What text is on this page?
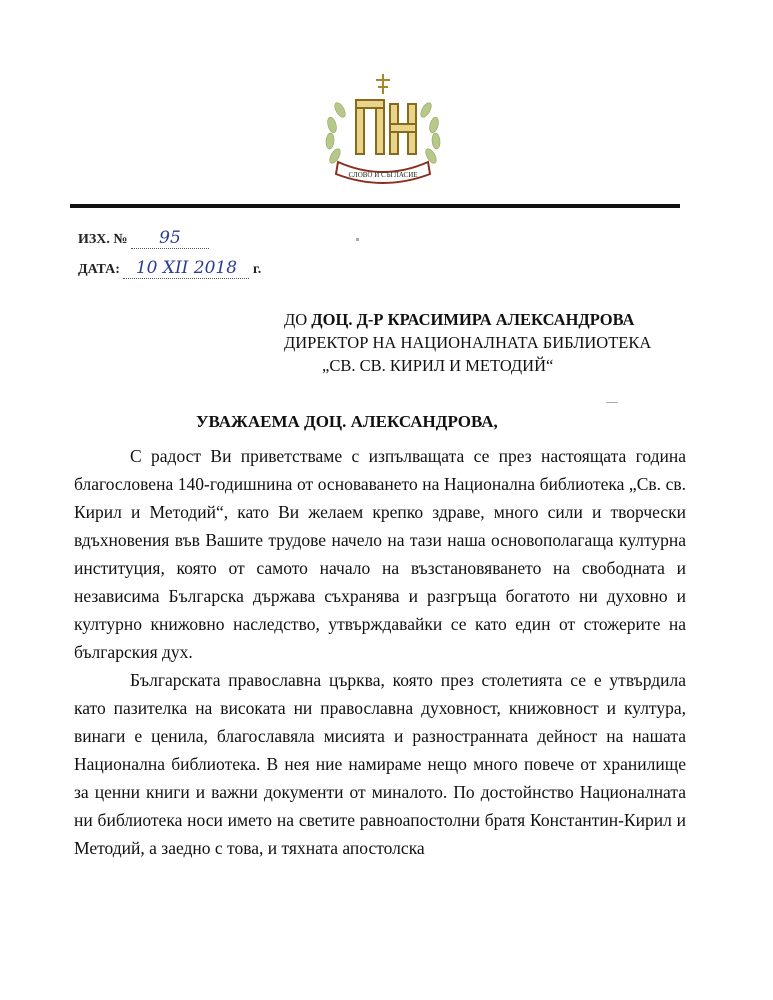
СЛОВО И СЪГЛАСИЕ
ИЗХ. № 95
ДАТА: 10 XII 2018 г.
ДО ДОЦ. Д-Р КРАСИМИРА АЛЕКСАНДРОВА
ДИРЕКТОР НА НАЦИОНАЛНАТА БИБЛИОТЕКА
„СВ. СВ. КИРИЛ И МЕТОДИЙ“
УВАЖАЕМА ДОЦ. АЛЕКСАНДРОВА,

С радост Ви приветстваме с изпълващата се през настоящата година благословена 140-годишнина от основаването на Национална библиотека „Св. св. Кирил и Методий“, като Ви желаем крепко здраве, много сили и творчески вдъхновения във Вашите трудове начело на тази наша основополагаща културна институция, която от самото начало на възстановяването на свободната и независима Българска държава съхранява и разгръща богатото ни духовно и културно книжовно наследство, утвърждавайки се като един от стожерите на българския дух.

Българската православна църква, която през столетията се е утвърдила като пазителка на високата ни православна духовност, книжовност и култура, винаги е ценила, благославяла мисията и разностранната дейност на нашата Национална библиотека. В нея ние намираме нещо много повече от хранилище за ценни книги и важни документи от миналото. По достойнство Националната ни библиотека носи името на светите равноапостолни братя Константин-Кирил и Методий, а заедно с това, и тяхната апостолска
